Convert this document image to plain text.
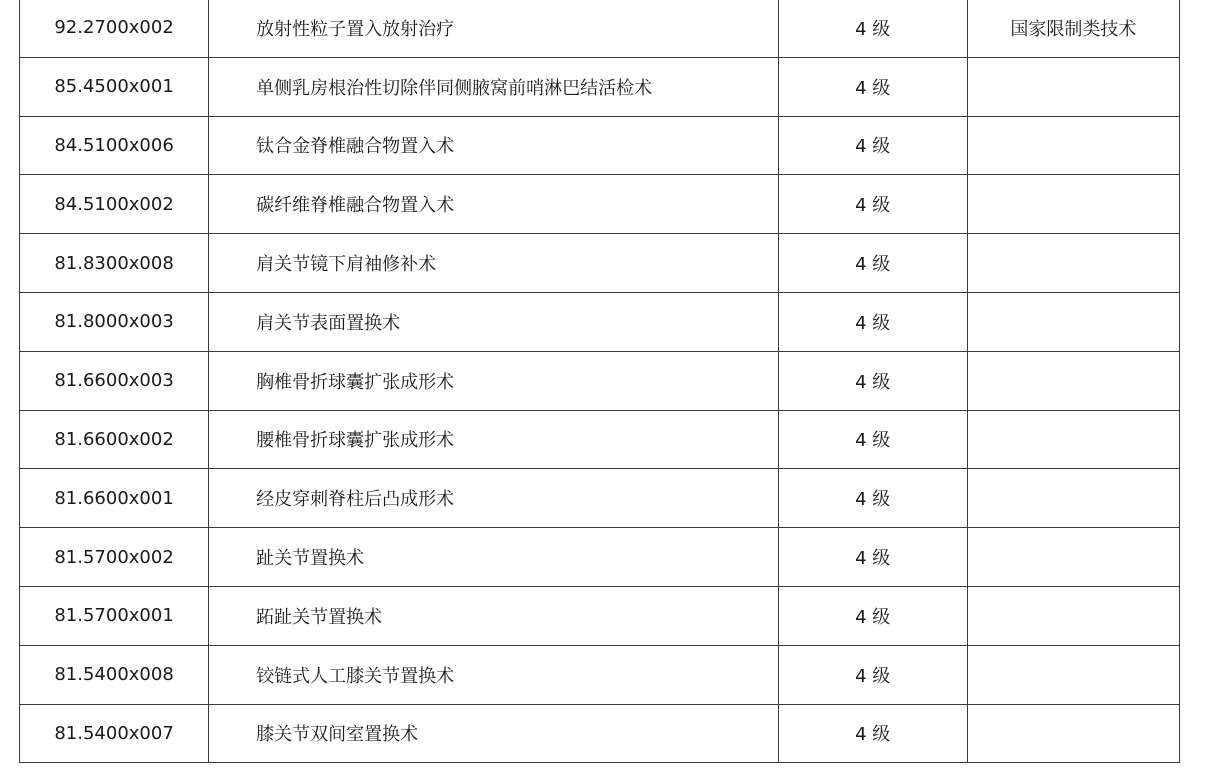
92.2700x002	放射性粒子置入放射治疗	4 级	国家限制类技术
85.4500x001	单侧乳房根治性切除伴同侧腋窝前哨淋巴结活检术	4 级	
84.5100x006	钛合金脊椎融合物置入术	4 级	
84.5100x002	碳纤维脊椎融合物置入术	4 级	
81.8300x008	肩关节镜下肩袖修补术	4 级	
81.8000x003	肩关节表面置换术	4 级	
81.6600x003	胸椎骨折球囊扩张成形术	4 级	
81.6600x002	腰椎骨折球囊扩张成形术	4 级	
81.6600x001	经皮穿刺脊柱后凸成形术	4 级	
81.5700x002	趾关节置换术	4 级	
81.5700x001	跖趾关节置换术	4 级	
81.5400x008	铰链式人工膝关节置换术	4 级	
81.5400x007	膝关节双间室置换术	4 级	
